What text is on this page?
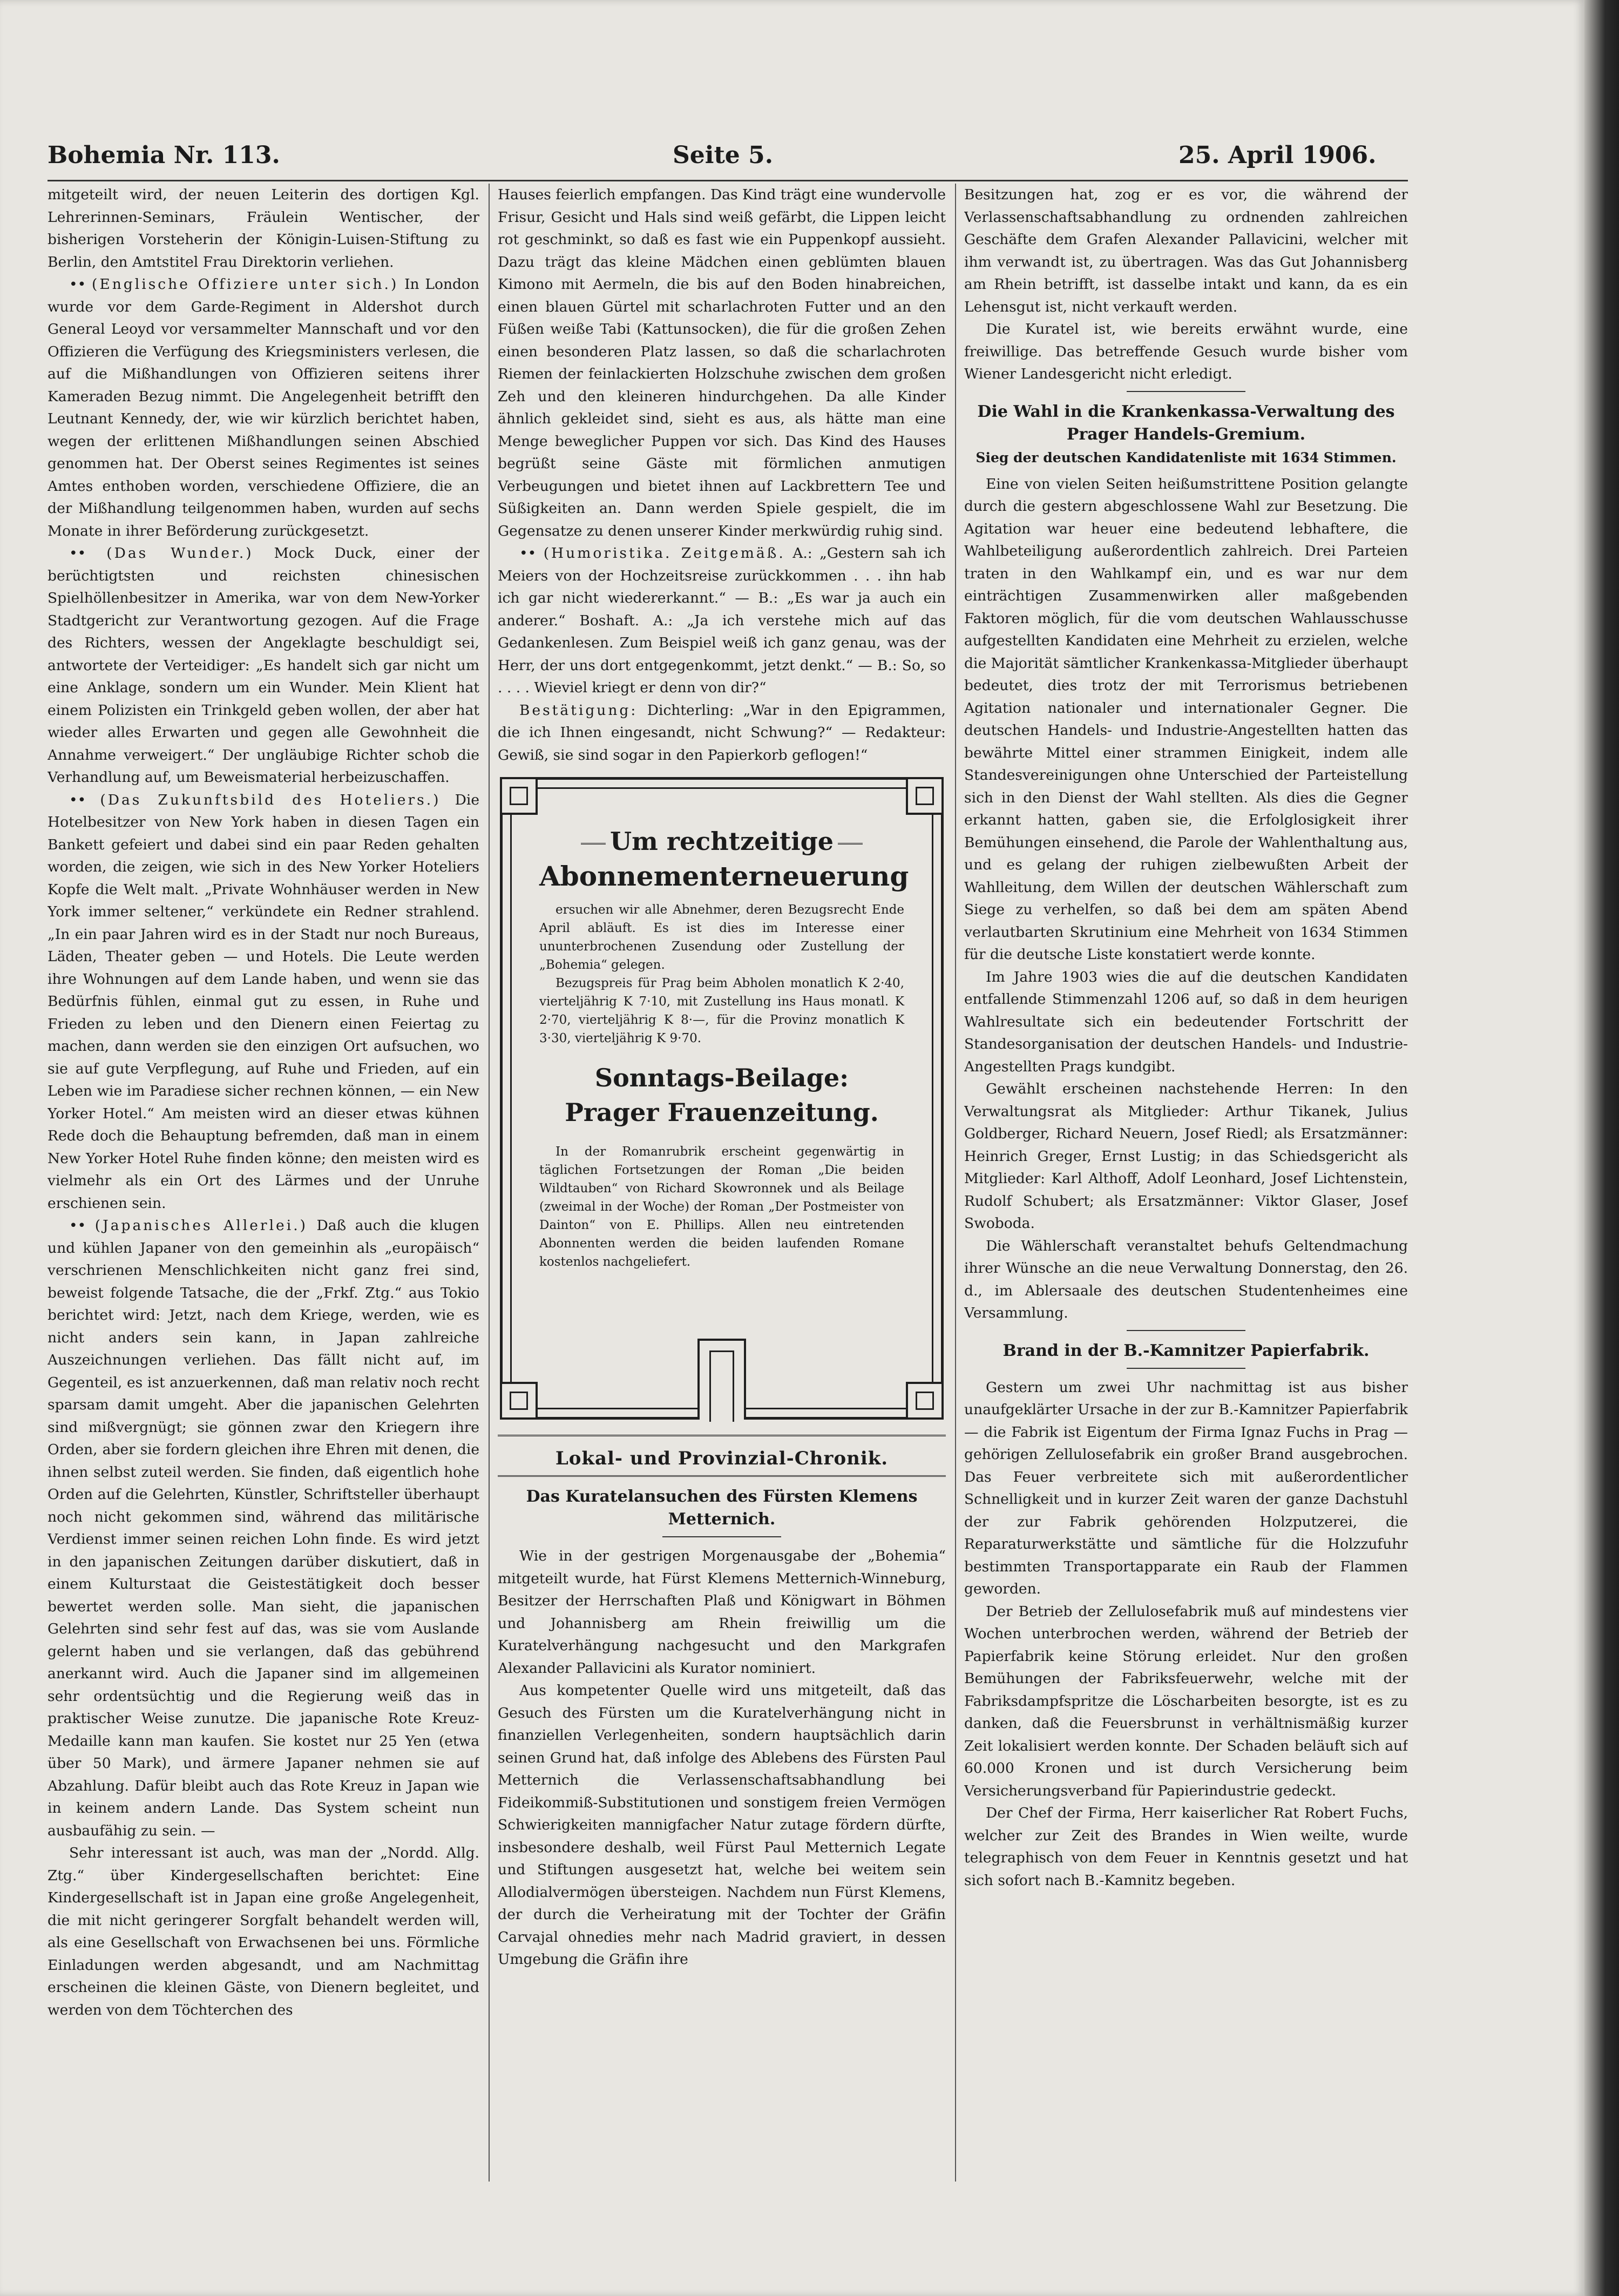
Bohemia Nr. 113.	Seite 5.	25. April 1906.

mitgeteilt wird, der neuen Leiterin des dortigen Kgl. Lehrerinnen-Seminars, Fräulein Wentischer, der bisherigen Vorsteherin der Königin-Luisen-Stiftung zu Berlin, den Amtstitel Frau Direktorin verliehen.

•• (Englische Offiziere unter sich.) In London wurde vor dem Garde-Regiment in Aldershot durch General Leoyd vor versammelter Mannschaft und vor den Offizieren die Verfügung des Kriegsministers verlesen, die auf die Mißhandlungen von Offizieren seitens ihrer Kameraden Bezug nimmt. Die Angelegenheit betrifft den Leutnant Kennedy, der, wie wir kürzlich berichtet haben, wegen der erlittenen Mißhandlungen seinen Abschied genommen hat. Der Oberst seines Regimentes ist seines Amtes enthoben worden, verschiedene Offiziere, die an der Mißhandlung teilgenommen haben, wurden auf sechs Monate in ihrer Beförderung zurückgesetzt.

•• (Das Wunder.) Mock Duck, einer der berüchtigtsten und reichsten chinesischen Spielhöllenbesitzer in Amerika, war von dem New-Yorker Stadtgericht zur Verantwortung gezogen. Auf die Frage des Richters, wessen der Angeklagte beschuldigt sei, antwortete der Verteidiger: „Es handelt sich gar nicht um eine Anklage, sondern um ein Wunder. Mein Klient hat einem Polizisten ein Trinkgeld geben wollen, der aber hat wieder alles Erwarten und gegen alle Gewohnheit die Annahme verweigert.“ Der ungläubige Richter schob die Verhandlung auf, um Beweismaterial herbeizuschaffen.

•• (Das Zukunftsbild des Hoteliers.) Die Hotelbesitzer von New York haben in diesen Tagen ein Bankett gefeiert und dabei sind ein paar Reden gehalten worden, die zeigen, wie sich in des New Yorker Hoteliers Kopfe die Welt malt. „Private Wohnhäuser werden in New York immer seltener,“ verkündete ein Redner strahlend. „In ein paar Jahren wird es in der Stadt nur noch Bureaus, Läden, Theater geben — und Hotels. Die Leute werden ihre Wohnungen auf dem Lande haben, und wenn sie das Bedürfnis fühlen, einmal gut zu essen, in Ruhe und Frieden zu leben und den Dienern einen Feiertag zu machen, dann werden sie den einzigen Ort aufsuchen, wo sie auf gute Verpflegung, auf Ruhe und Frieden, auf ein Leben wie im Paradiese sicher rechnen können, — ein New Yorker Hotel.“ Am meisten wird an dieser etwas kühnen Rede doch die Behauptung befremden, daß man in einem New Yorker Hotel Ruhe finden könne; den meisten wird es vielmehr als ein Ort des Lärmes und der Unruhe erschienen sein.

•• (Japanisches Allerlei.) Daß auch die klugen und kühlen Japaner von den gemeinhin als „europäisch“ verschrienen Menschlichkeiten nicht ganz frei sind, beweist folgende Tatsache, die der „Frkf. Ztg.“ aus Tokio berichtet wird: Jetzt, nach dem Kriege, werden, wie es nicht anders sein kann, in Japan zahlreiche Auszeichnungen verliehen. Das fällt nicht auf, im Gegenteil, es ist anzuerkennen, daß man relativ noch recht sparsam damit umgeht. Aber die japanischen Gelehrten sind mißvergnügt; sie gönnen zwar den Kriegern ihre Orden, aber sie fordern gleichen ihre Ehren mit denen, die ihnen selbst zuteil werden. Sie finden, daß eigentlich hohe Orden auf die Gelehrten, Künstler, Schriftsteller überhaupt noch nicht gekommen sind, während das militärische Verdienst immer seinen reichen Lohn finde. Es wird jetzt in den japanischen Zeitungen darüber diskutiert, daß in einem Kulturstaat die Geistestätigkeit doch besser bewertet werden solle. Man sieht, die japanischen Gelehrten sind sehr fest auf das, was sie vom Auslande gelernt haben und sie verlangen, daß das gebührend anerkannt wird. Auch die Japaner sind im allgemeinen sehr ordentsüchtig und die Regierung weiß das in praktischer Weise zunutze. Die japanische Rote Kreuz-Medaille kann man kaufen. Sie kostet nur 25 Yen (etwa über 50 Mark), und ärmere Japaner nehmen sie auf Abzahlung. Dafür bleibt auch das Rote Kreuz in Japan wie in keinem andern Lande. Das System scheint nun ausbaufähig zu sein. —

Sehr interessant ist auch, was man der „Nordd. Allg. Ztg.“ über Kindergesellschaften berichtet: Eine Kindergesellschaft ist in Japan eine große Angelegenheit, die mit nicht geringerer Sorgfalt behandelt werden will, als eine Gesellschaft von Erwachsenen bei uns. Förmliche Einladungen werden abgesandt, und am Nachmittag erscheinen die kleinen Gäste, von Dienern begleitet, und werden von dem Töchterchen des

Hauses feierlich empfangen. Das Kind trägt eine wundervolle Frisur, Gesicht und Hals sind weiß gefärbt, die Lippen leicht rot geschminkt, so daß es fast wie ein Puppenkopf aussieht. Dazu trägt das kleine Mädchen einen geblümten blauen Kimono mit Aermeln, die bis auf den Boden hinabreichen, einen blauen Gürtel mit scharlachroten Futter und an den Füßen weiße Tabi (Kattunsocken), die für die großen Zehen einen besonderen Platz lassen, so daß die scharlachroten Riemen der feinlackierten Holzschuhe zwischen dem großen Zeh und den kleineren hindurchgehen. Da alle Kinder ähnlich gekleidet sind, sieht es aus, als hätte man eine Menge beweglicher Puppen vor sich. Das Kind des Hauses begrüßt seine Gäste mit förmlichen anmutigen Verbeugungen und bietet ihnen auf Lackbrettern Tee und Süßigkeiten an. Dann werden Spiele gespielt, die im Gegensatze zu denen unserer Kinder merkwürdig ruhig sind.

•• (Humoristika. Zeitgemäß. A.: „Gestern sah ich Meiers von der Hochzeitsreise zurückkommen . . . ihn hab ich gar nicht wiedererkannt.“ — B.: „Es war ja auch ein anderer.“ Boshaft. A.: „Ja ich verstehe mich auf das Gedankenlesen. Zum Beispiel weiß ich ganz genau, was der Herr, der uns dort entgegenkommt, jetzt denkt.“ — B.: So, so . . . . Wieviel kriegt er denn von dir?“

Bestätigung: Dichterling: „War in den Epigrammen, die ich Ihnen eingesandt, nicht Schwung?“ — Redakteur: Gewiß, sie sind sogar in den Papierkorb geflogen!“

Um rechtzeitige
Abonnementerneuerung

ersuchen wir alle Abnehmer, deren Bezugsrecht Ende April abläuft. Es ist dies im Interesse einer ununterbrochenen Zusendung oder Zustellung der „Bohemia“ gelegen.

Bezugspreis für Prag beim Abholen monatlich K 2·40, vierteljährig K 7·10, mit Zustellung ins Haus monatl. K 2·70, vierteljährig K 8·—, für die Provinz monatlich K 3·30, vierteljährig K 9·70.

Sonntags-Beilage:
Prager Frauenzeitung.

In der Romanrubrik erscheint gegenwärtig in täglichen Fortsetzungen der Roman „Die beiden Wildtauben“ von Richard Skowronnek und als Beilage (zweimal in der Woche) der Roman „Der Postmeister von Dainton“ von E. Phillips. Allen neu eintretenden Abonnenten werden die beiden laufenden Romane kostenlos nachgeliefert.

Lokal- und Provinzial-Chronik.
Das Kuratelansuchen des Fürsten Klemens Metternich.

Wie in der gestrigen Morgenausgabe der „Bohemia“ mitgeteilt wurde, hat Fürst Klemens Metternich-Winneburg, Besitzer der Herrschaften Plaß und Königwart in Böhmen und Johannisberg am Rhein freiwillig um die Kuratelverhängung nachgesucht und den Markgrafen Alexander Pallavicini als Kurator nominiert.

Aus kompetenter Quelle wird uns mitgeteilt, daß das Gesuch des Fürsten um die Kuratelverhängung nicht in finanziellen Verlegenheiten, sondern hauptsächlich darin seinen Grund hat, daß infolge des Ablebens des Fürsten Paul Metternich die Verlassenschaftsabhandlung bei Fideikommiß-Substitutionen und sonstigem freien Vermögen Schwierigkeiten mannigfacher Natur zutage fördern dürfte, insbesondere deshalb, weil Fürst Paul Metternich Legate und Stiftungen ausgesetzt hat, welche bei weitem sein Allodialvermögen übersteigen. Nachdem nun Fürst Klemens, der durch die Verheiratung mit der Tochter der Gräfin Carvajal ohnedies mehr nach Madrid graviert, in dessen Umgebung die Gräfin ihre

Besitzungen hat, zog er es vor, die während der Verlassenschaftsabhandlung zu ordnenden zahlreichen Geschäfte dem Grafen Alexander Pallavicini, welcher mit ihm verwandt ist, zu übertragen. Was das Gut Johannisberg am Rhein betrifft, ist dasselbe intakt und kann, da es ein Lehensgut ist, nicht verkauft werden.

Die Kuratel ist, wie bereits erwähnt wurde, eine freiwillige. Das betreffende Gesuch wurde bisher vom Wiener Landesgericht nicht erledigt.

Die Wahl in die Krankenkassa-Verwaltung des Prager Handels-Gremium.
Sieg der deutschen Kandidatenliste mit 1634 Stimmen.

Eine von vielen Seiten heißumstrittene Position gelangte durch die gestern abgeschlossene Wahl zur Besetzung. Die Agitation war heuer eine bedeutend lebhaftere, die Wahlbeteiligung außerordentlich zahlreich. Drei Parteien traten in den Wahlkampf ein, und es war nur dem einträchtigen Zusammenwirken aller maßgebenden Faktoren möglich, für die vom deutschen Wahlausschusse aufgestellten Kandidaten eine Mehrheit zu erzielen, welche die Majorität sämtlicher Krankenkassa-Mitglieder überhaupt bedeutet, dies trotz der mit Terrorismus betriebenen Agitation nationaler und internationaler Gegner. Die deutschen Handels- und Industrie-Angestellten hatten das bewährte Mittel einer strammen Einigkeit, indem alle Standesvereinigungen ohne Unterschied der Parteistellung sich in den Dienst der Wahl stellten. Als dies die Gegner erkannt hatten, gaben sie, die Erfolglosigkeit ihrer Bemühungen einsehend, die Parole der Wahlenthaltung aus, und es gelang der ruhigen zielbewußten Arbeit der Wahlleitung, dem Willen der deutschen Wählerschaft zum Siege zu verhelfen, so daß bei dem am späten Abend verlautbarten Skrutinium eine Mehrheit von 1634 Stimmen für die deutsche Liste konstatiert werde konnte.

Im Jahre 1903 wies die auf die deutschen Kandidaten entfallende Stimmenzahl 1206 auf, so daß in dem heurigen Wahlresultate sich ein bedeutender Fortschritt der Standesorganisation der deutschen Handels- und Industrie-Angestellten Prags kundgibt.

Gewählt erscheinen nachstehende Herren: In den Verwaltungsrat als Mitglieder: Arthur Tikanek, Julius Goldberger, Richard Neuern, Josef Riedl; als Ersatzmänner: Heinrich Greger, Ernst Lustig; in das Schiedsgericht als Mitglieder: Karl Althoff, Adolf Leonhard, Josef Lichtenstein, Rudolf Schubert; als Ersatzmänner: Viktor Glaser, Josef Swoboda.

Die Wählerschaft veranstaltet behufs Geltendmachung ihrer Wünsche an die neue Verwaltung Donnerstag, den 26. d., im Ablersaale des deutschen Studentenheimes eine Versammlung.

Brand in der B.-Kamnitzer Papierfabrik.

Gestern um zwei Uhr nachmittag ist aus bisher unaufgeklärter Ursache in der zur B.-Kamnitzer Papierfabrik — die Fabrik ist Eigentum der Firma Ignaz Fuchs in Prag — gehörigen Zellulosefabrik ein großer Brand ausgebrochen. Das Feuer verbreitete sich mit außerordentlicher Schnelligkeit und in kurzer Zeit waren der ganze Dachstuhl der zur Fabrik gehörenden Holzputzerei, die Reparaturwerkstätte und sämtliche für die Holzzufuhr bestimmten Transportapparate ein Raub der Flammen geworden.

Der Betrieb der Zellulosefabrik muß auf mindestens vier Wochen unterbrochen werden, während der Betrieb der Papierfabrik keine Störung erleidet. Nur den großen Bemühungen der Fabriksfeuerwehr, welche mit der Fabriksdampfspritze die Löscharbeiten besorgte, ist es zu danken, daß die Feuersbrunst in verhältnismäßig kurzer Zeit lokalisiert werden konnte. Der Schaden beläuft sich auf 60.000 Kronen und ist durch Versicherung beim Versicherungsverband für Papierindustrie gedeckt.

Der Chef der Firma, Herr kaiserlicher Rat Robert Fuchs, welcher zur Zeit des Brandes in Wien weilte, wurde telegraphisch von dem Feuer in Kenntnis gesetzt und hat sich sofort nach B.-Kamnitz begeben.
